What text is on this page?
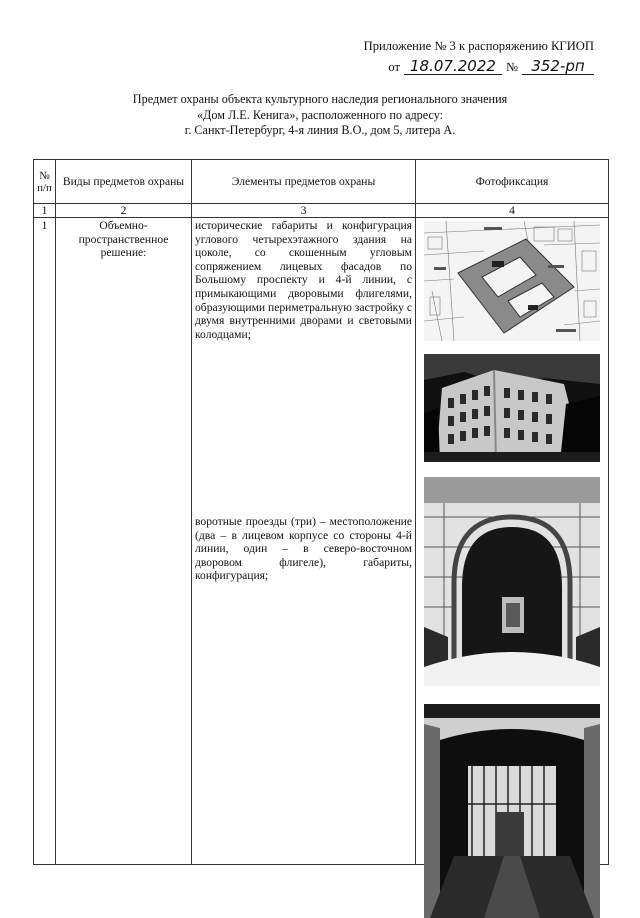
Приложение № 3 к распоряжению КГИОП
от 18.07.2022 № 352-рп
Предмет охраны объекта культурного наследия регионального значения
«Дом Л.Е. Кенига», расположенного по адресу:
г. Санкт-Петербург, 4-я линия В.О., дом 5, литера А.
№ п/п	Виды предметов охраны	Элементы предметов охраны	Фотофиксация
1	2	3	4
1	Объемно-пространственное решение:	исторические габариты и конфигурация углового четырехэтажного здания на цоколе, со скошенным угловым сопряжением лицевых фасадов по Большому проспекту и 4-й линии, с примыкающими дворовыми флигелями, образующими периметральную застройку с двумя внутренними дворами и световыми колодцами;
воротные проезды (три) – местоположение (два – в лицевом корпусе со стороны 4-й линии, один – в северо-восточном дворовом флигеле), габариты, конфигурация;
